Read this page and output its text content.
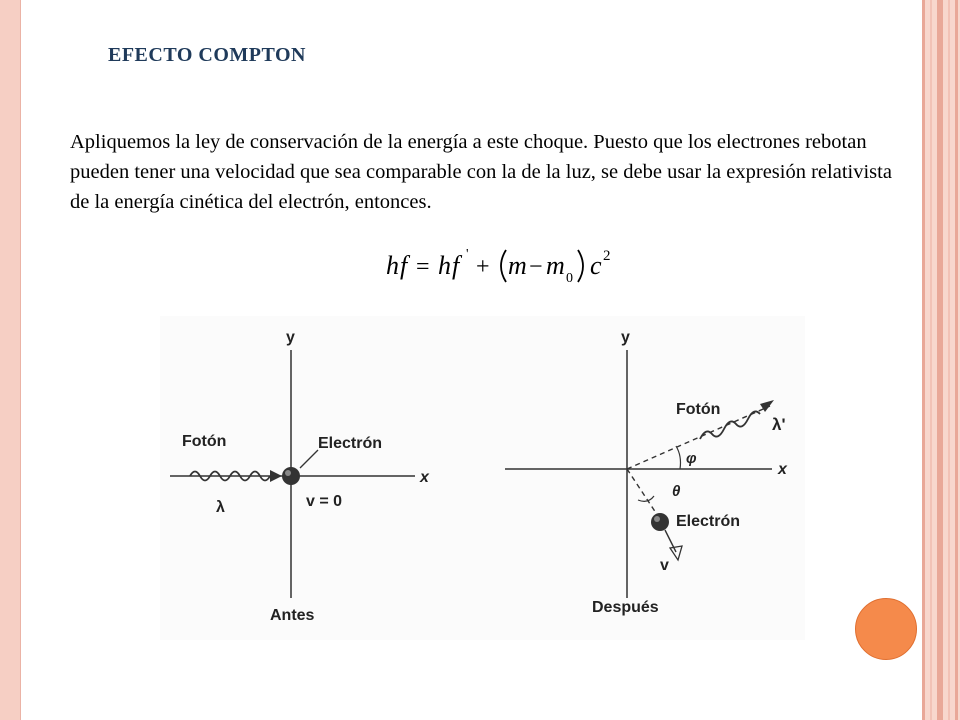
EFECTO COMPTON
Apliquemos la ley de conservación de la energía a este choque. Puesto que los electrones rebotan pueden tener una velocidad que sea comparable con la de la luz, se debe usar la expresión relativista de la energía cinética del electrón, entonces.
h f = h f ' + m − m 0 c 2
y
x
Fotón
λ
Electrón
v = 0
Antes
y
x
Fotón
λ'
φ
θ
Electrón
v
Después
